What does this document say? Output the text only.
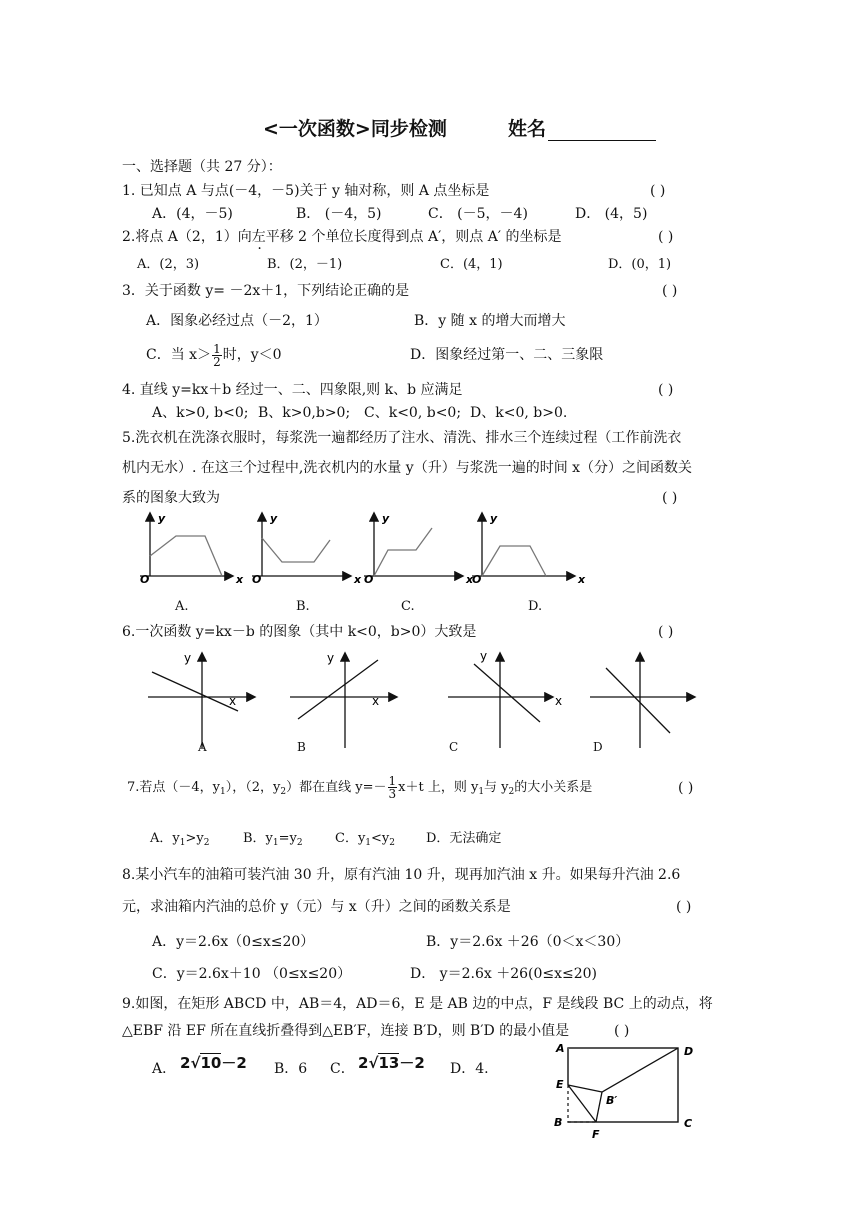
<一次函数>同步检测	姓名
一、选择题（共 27 分）：
1. 已知点 A 与点(－4，－5)关于 y 轴对称，则 A 点坐标是	( )
A．(4，－5)	B． (－4，5)	C． (－5，－4)	D． (4，5)
2.将点 A（2，1）向左平移 2 个单位长度得到点 A′，则点 A′ 的坐标是	( )
A．(2，3)	B．(2，－1)	C．(4，1)	D．(0，1)
3．关于函数 y= －2x＋1，下列结论正确的是	( )
A．图象必经过点（－2，1）	B．y 随 x 的增大而增大
C．当 $x> \frac{1}{2}$ 时，y＜0	D．图象经过第一、二、三象限
4. 直线 y=kx＋b 经过一、二、四象限,则 k、b 应满足	( )
A、k>0, b<0; B、k>0,b>0; C、k<0, b<0; D、k<0, b>0.
5.洗衣机在洗涤衣服时，每浆洗一遍都经历了注水、清洗、排水三个连续过程（工作前洗衣
机内无水）. 在这三个过程中,洗衣机内的水量 y（升）与浆洗一遍的时间 x（分）之间函数关
系的图象大致为	( )
y
x
O
y
x
O
y
x
O
y
x
O
A.	B.	C.	D.
6.一次函数 y=kx－b 的图象（其中 k<0，b>0）大致是	( )
y
x
y
x
y
x
A	B	C	D
7.若点（－4，$y_1$），（2，$y_2$）都在直线 $y=- \frac{1}{3} x+t$ 上，则 $y_1$与 $y_2$的大小关系是	( )
A．$y_1>y_2$	B．$y_1=y_2$ C．$y_1<y_2$ D．无法确定
8.某小汽车的油箱可装汽油 30 升，原有汽油 10 升，现再加汽油 x 升。如果每升汽油 2.6
元，求油箱内汽油的总价 y（元）与 x（升）之间的函数关系是	( )
A．y＝2.6x（0≤x≤20）	B．y＝2.6x ＋26（0＜x＜30）
C．y＝2.6x＋10 （0≤x≤20）	D． y＝2.6x ＋26(0≤x≤20)
9.如图，在矩形 ABCD 中，AB＝4，AD＝6，E 是 AB 边的中点，F 是线段 BC 上的动点，将
△EBF 沿 EF 所在直线折叠得到△EB′F，连接 B′D，则 B′D 的最小值是	( )
A． 2√10－2 B．6 C． 2√13－2 D．4.
A	D
E
B′
B	C
F
